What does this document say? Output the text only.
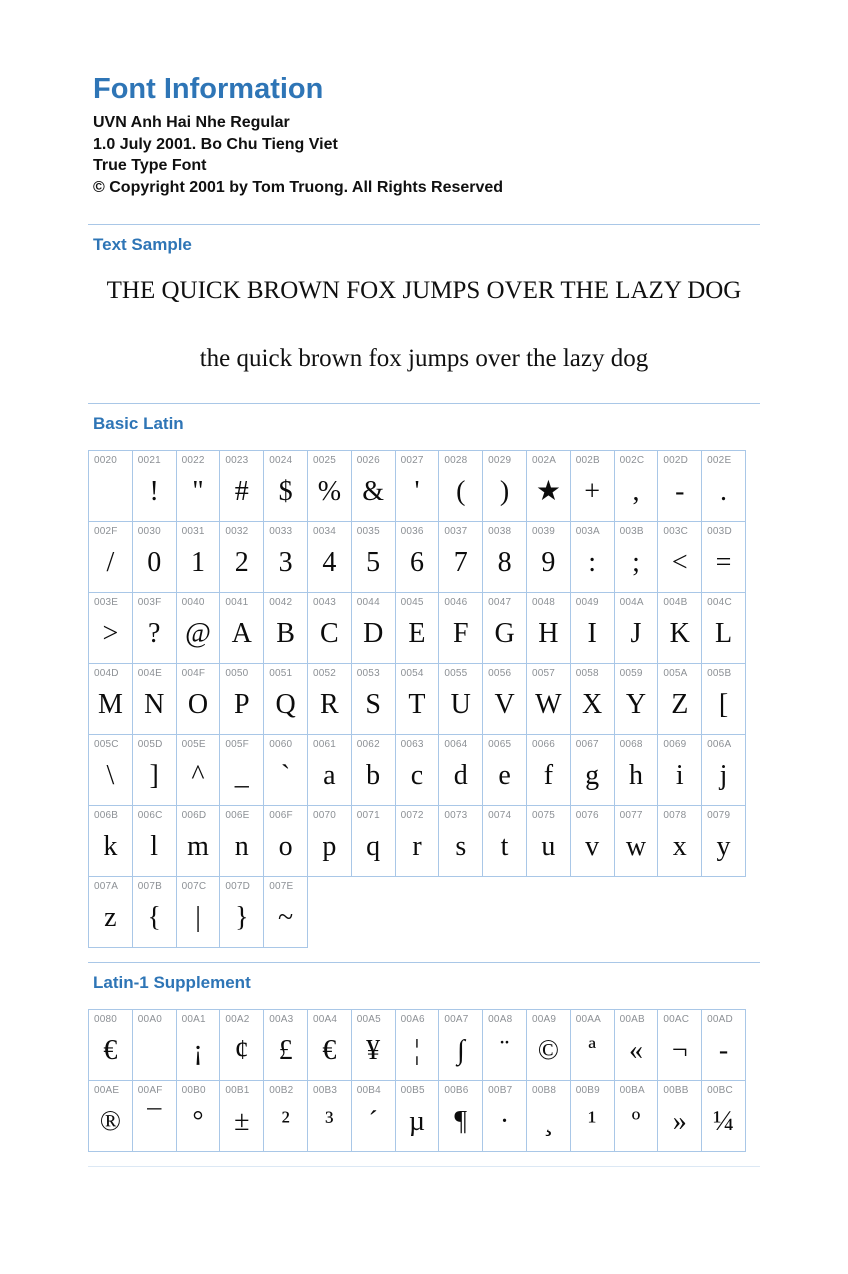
Font Information
UVN Anh Hai Nhe Regular
1.0 July 2001. Bo Chu Tieng Viet
True Type Font
© Copyright 2001 by Tom Truong. All Rights Reserved
Text Sample
THE QUICK BROWN FOX JUMPS OVER THE LAZY DOG
the quick brown fox jumps over the lazy dog
Basic Latin
0020 0021
!
0022
"
0023
#
0024
$
0025
%
0026
&
0027
'
0028
(
0029
)
002A
★
002B
+
002C
,
002D
-
002E
.
002F
/
0030
0
0031
1
0032
2
0033
3
0034
4
0035
5
0036
6
0037
7
0038
8
0039
9
003A
:
003B
;
003C
<
003D
=
003E
>
003F
?
0040
@
0041
A
0042
B
0043
C
0044
D
0045
E
0046
F
0047
G
0048
H
0049
I
004A
J
004B
K
004C
L
004D
M
004E
N
004F
O
0050
P
0051
Q
0052
R
0053
S
0054
T
0055
U
0056
V
0057
W
0058
X
0059
Y
005A
Z
005B
[
005C
\
005D
]
005E
^
005F
_
0060
`
0061
a
0062
b
0063
c
0064
d
0065
e
0066
f
0067
g
0068
h
0069
i
006A
j
006B
k
006C
l
006D
m
006E
n
006F
o
0070
p
0071
q
0072
r
0073
s
0074
t
0075
u
0076
v
0077
w
0078
x
0079
y
007A
z
007B
{
007C
|
007D
}
007E
~
Latin-1 Supplement
0080
€
00A0 00A1
¡
00A2
¢
00A3
£
00A4
€
00A5
¥
00A6
¦
00A7
∫
00A8
¨
00A9
©
00AA
ª
00AB
«
00AC
¬
00AD
-
00AE
®
00AF
¯
00B0
°
00B1
±
00B2
²
00B3
³
00B4
´
00B5
µ
00B6
¶
00B7
·
00B8
¸
00B9
¹
00BA
º
00BB
»
00BC
¼
